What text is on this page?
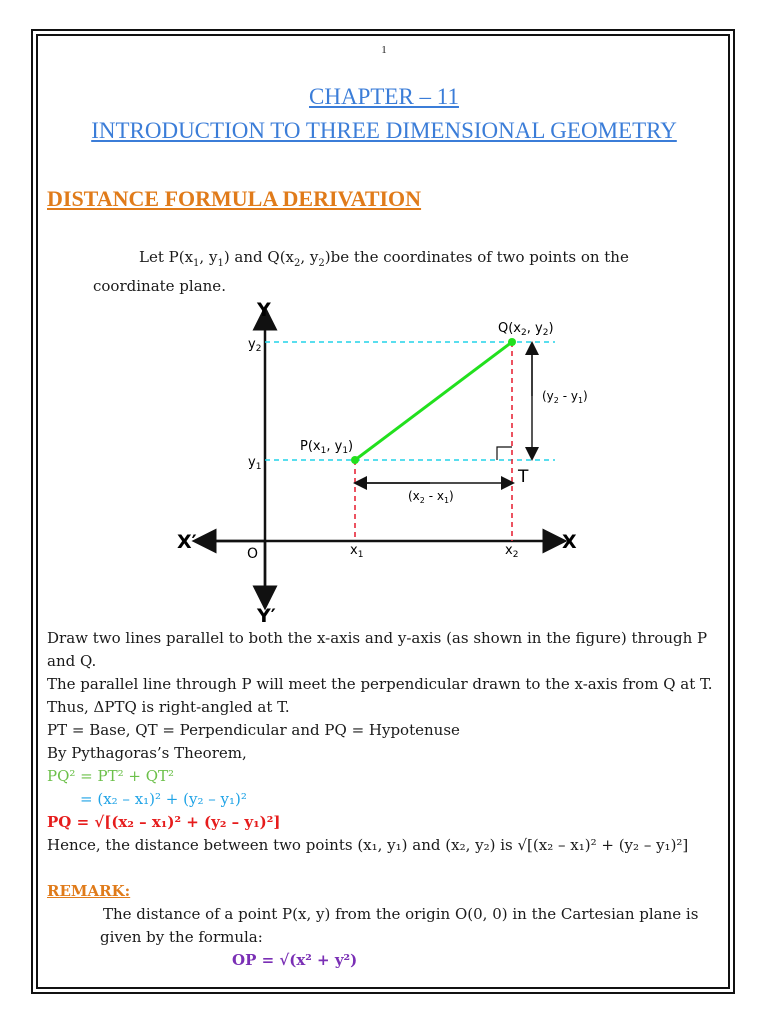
1
CHAPTER – 11
INTRODUCTION TO THREE DIMENSIONAL GEOMETRY
DISTANCE FORMULA DERIVATION
Let $P(x_1$, $y_1$) and $Q(x_2$, $y_2)be$ the coordinates of two points on the
coordinate plane.
Y
Y′
X
X′
O
$y_2$
$y_1$
$x_1$	$x_2$
$Q(x_2$, $y_2$)
$P(x_1$, $y_1$)
T
$(y_2 - y_1)$
$(x_2 - x_1)$
Draw two lines parallel to both the x-axis and y-axis (as shown in the figure) through P
and Q.
The parallel line through P will meet the perpendicular drawn to the x-axis from Q at T.
Thus, ΔPTQ is right-angled at T.
PT = Base, QT = Perpendicular and PQ = Hypotenuse
By Pythagoras’s Theorem,
PQ² = PT² + QT²
= (x₂ – x₁)² + (y₂ – y₁)²
PQ = √[(x₂ – x₁)² + (y₂ – y₁)²]
Hence, the distance between two points (x₁, y₁) and (x₂, y₂) is √[(x₂ – x₁)² + (y₂ – y₁)²]
REMARK:
The distance of a point P(x, y) from the origin O(0, 0) in the Cartesian plane is
given by the formula:
OP = √(x² + y²)
